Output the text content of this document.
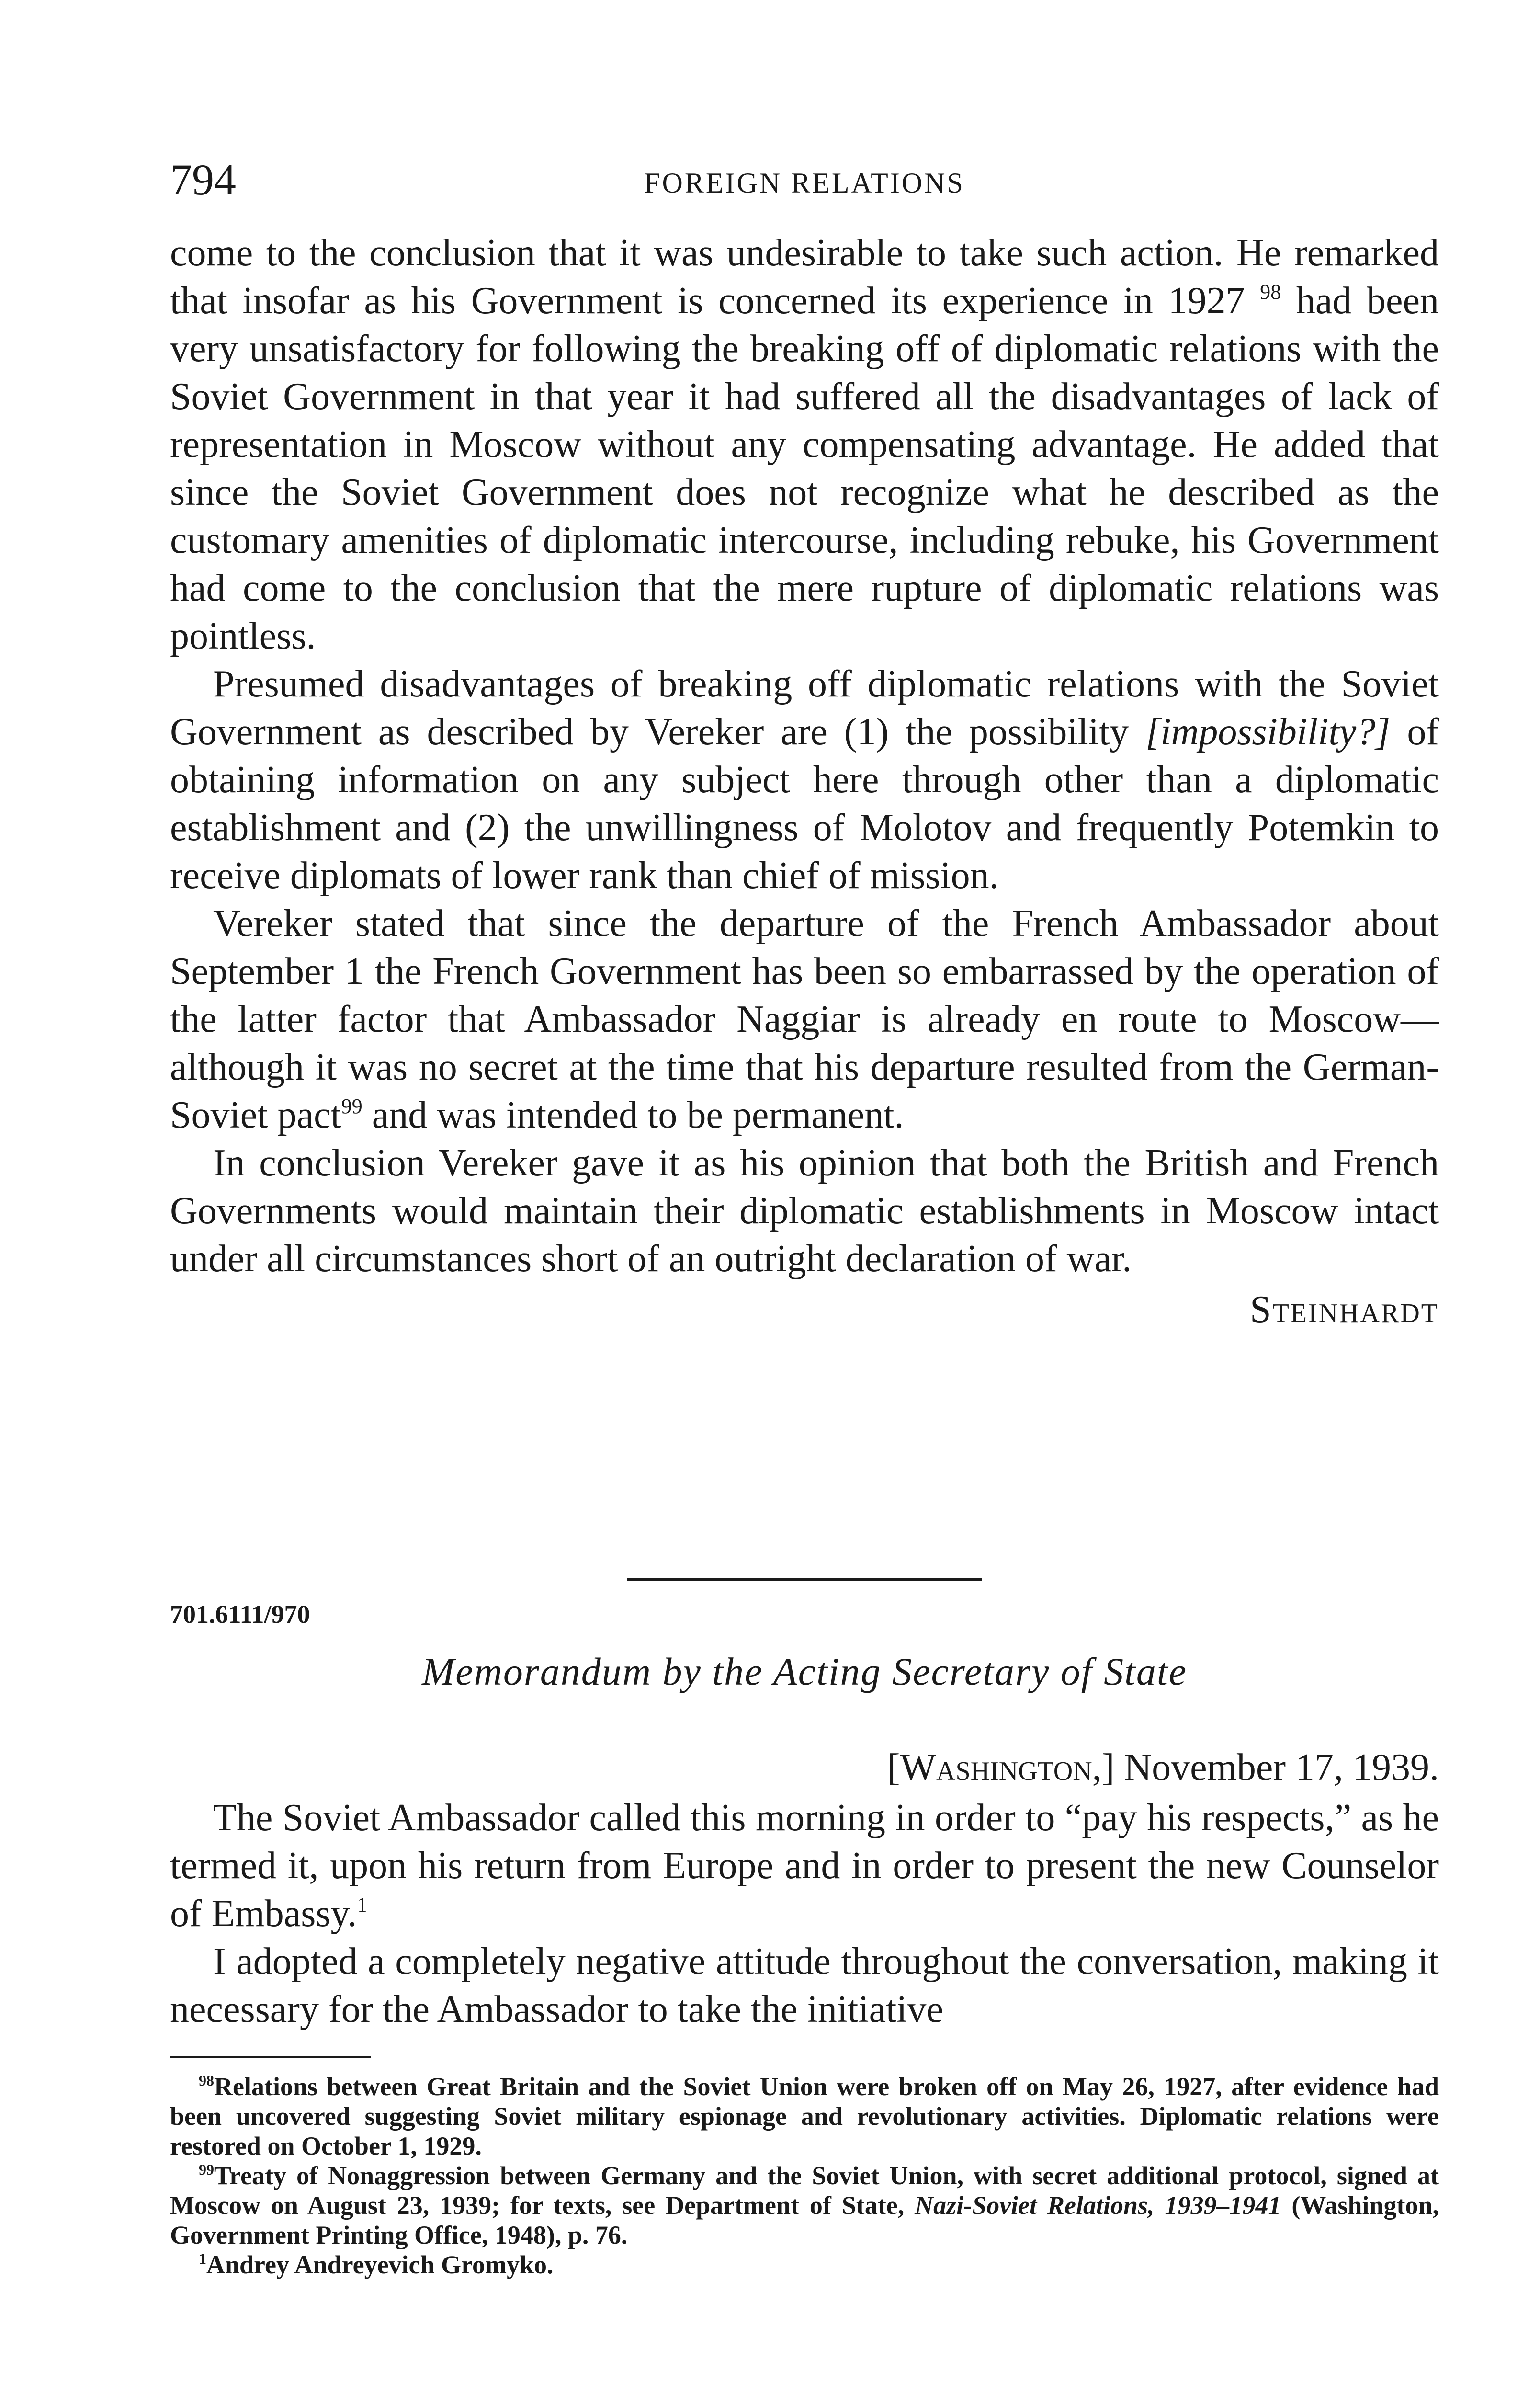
794	FOREIGN RELATIONS

come to the conclusion that it was undesirable to take such action. He remarked that insofar as his Government is concerned its experience in 1927 $^{98}$ had been very unsatisfactory for following the breaking off of diplomatic relations with the Soviet Government in that year it had suffered all the disadvantages of lack of representation in Moscow without any compensating advantage. He added that since the Soviet Government does not recognize what he described as the customary amenities of diplomatic intercourse, including rebuke, his Government had come to the conclusion that the mere rupture of diplomatic relations was pointless.

Presumed disadvantages of breaking off diplomatic relations with the Soviet Government as described by Vereker are (1) the possibility [impossibility?] of obtaining information on any subject here through other than a diplomatic establishment and (2) the unwillingness of Molotov and frequently Potemkin to receive diplomats of lower rank than chief of mission.

Vereker stated that since the departure of the French Ambassador about September 1 the French Government has been so embarrassed by the operation of the latter factor that Ambassador Naggiar is already en route to Moscow—although it was no secret at the time that his departure resulted from the German-Soviet pact$^{99}$ and was intended to be permanent.

In conclusion Vereker gave it as his opinion that both the British and French Governments would maintain their diplomatic establishments in Moscow intact under all circumstances short of an outright declaration of war.

Steinhardt

701.6111/970
Memorandum by the Acting Secretary of State
[Washington,] November 17, 1939.

The Soviet Ambassador called this morning in order to “pay his respects,” as he termed it, upon his return from Europe and in order to present the new Counselor of Embassy.$^1$

I adopted a completely negative attitude throughout the conversation, making it necessary for the Ambassador to take the initiative

$^{98}$Relations between Great Britain and the Soviet Union were broken off on May 26, 1927, after evidence had been uncovered suggesting Soviet military espionage and revolutionary activities. Diplomatic relations were restored on October 1, 1929.

$^{99}$Treaty of Nonaggression between Germany and the Soviet Union, with secret additional protocol, signed at Moscow on August 23, 1939; for texts, see Department of State, Nazi-Soviet Relations, 1939–1941 (Washington, Government Printing Office, 1948), p. 76.

$^1$Andrey Andreyevich Gromyko.
